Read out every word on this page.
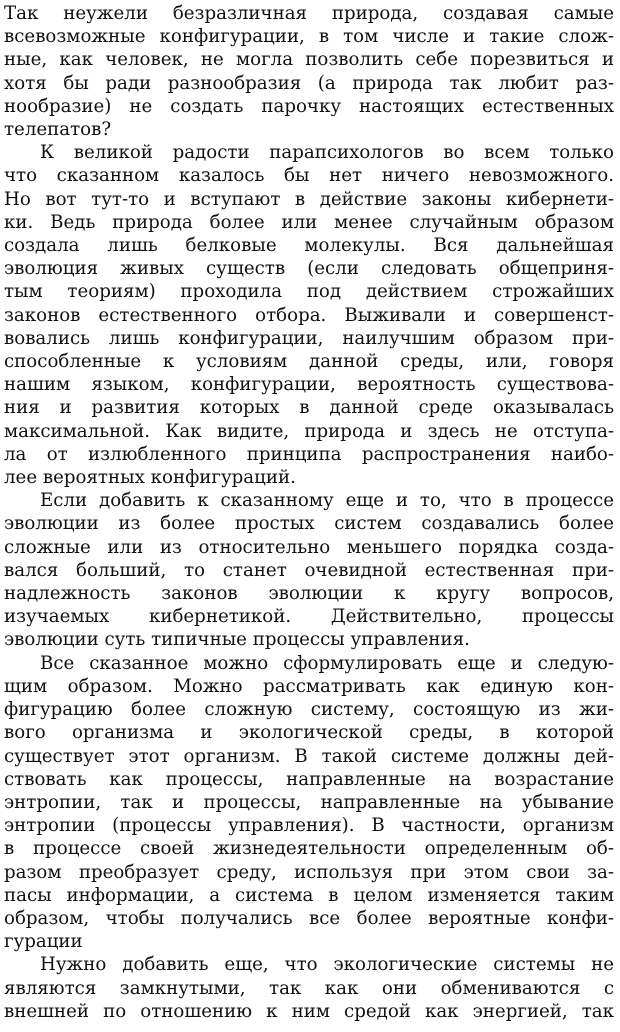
Так неужели безразличная природа, создавая самые
всевозможные конфигурации, в том числе и такие слож-
ные, как человек, не могла позволить себе порезвиться и
хотя бы ради разнообразия (а природа так любит раз-
нообразие) не создать парочку настоящих естественных
телепатов?
К великой радости парапсихологов во всем только
что сказанном казалось бы нет ничего невозможного.
Но вот тут-то и вступают в действие законы кибернети-
ки. Ведь природа более или менее случайным образом
создала лишь белковые молекулы. Вся дальнейшая
эволюция живых существ (если следовать общеприня-
тым теориям) проходила под действием строжайших
законов естественного отбора. Выживали и совершенст-
вовались лишь конфигурации, наилучшим образом при-
способленные к условиям данной среды, или, говоря
нашим языком, конфигурации, вероятность существова-
ния и развития которых в данной среде оказывалась
максимальной. Как видите, природа и здесь не отступа-
ла от излюбленного принципа распространения наибо-
лее вероятных конфигураций.
Если добавить к сказанному еще и то, что в процессе
эволюции из более простых систем создавались более
сложные или из относительно меньшего порядка созда-
вался больший, то станет очевидной естественная при-
надлежность законов эволюции к кругу вопросов,
изучаемых кибернетикой. Действительно, процессы
эволюции суть типичные процессы управления.
Все сказанное можно сформулировать еще и следую-
щим образом. Можно рассматривать как единую кон-
фигурацию более сложную систему, состоящую из жи-
вого организма и экологической среды, в которой
существует этот организм. В такой системе должны дей-
ствовать как процессы, направленные на возрастание
энтропии, так и процессы, направленные на убывание
энтропии (процессы управления). В частности, организм
в процессе своей жизнедеятельности определенным об-
разом преобразует среду, используя при этом свои за-
пасы информации, а система в целом изменяется таким
образом, чтобы получались все более вероятные конфи-
гурации
Нужно добавить еще, что экологические системы не
являются замкнутыми, так как они обмениваются с
внешней по отношению к ним средой как энергией, так
